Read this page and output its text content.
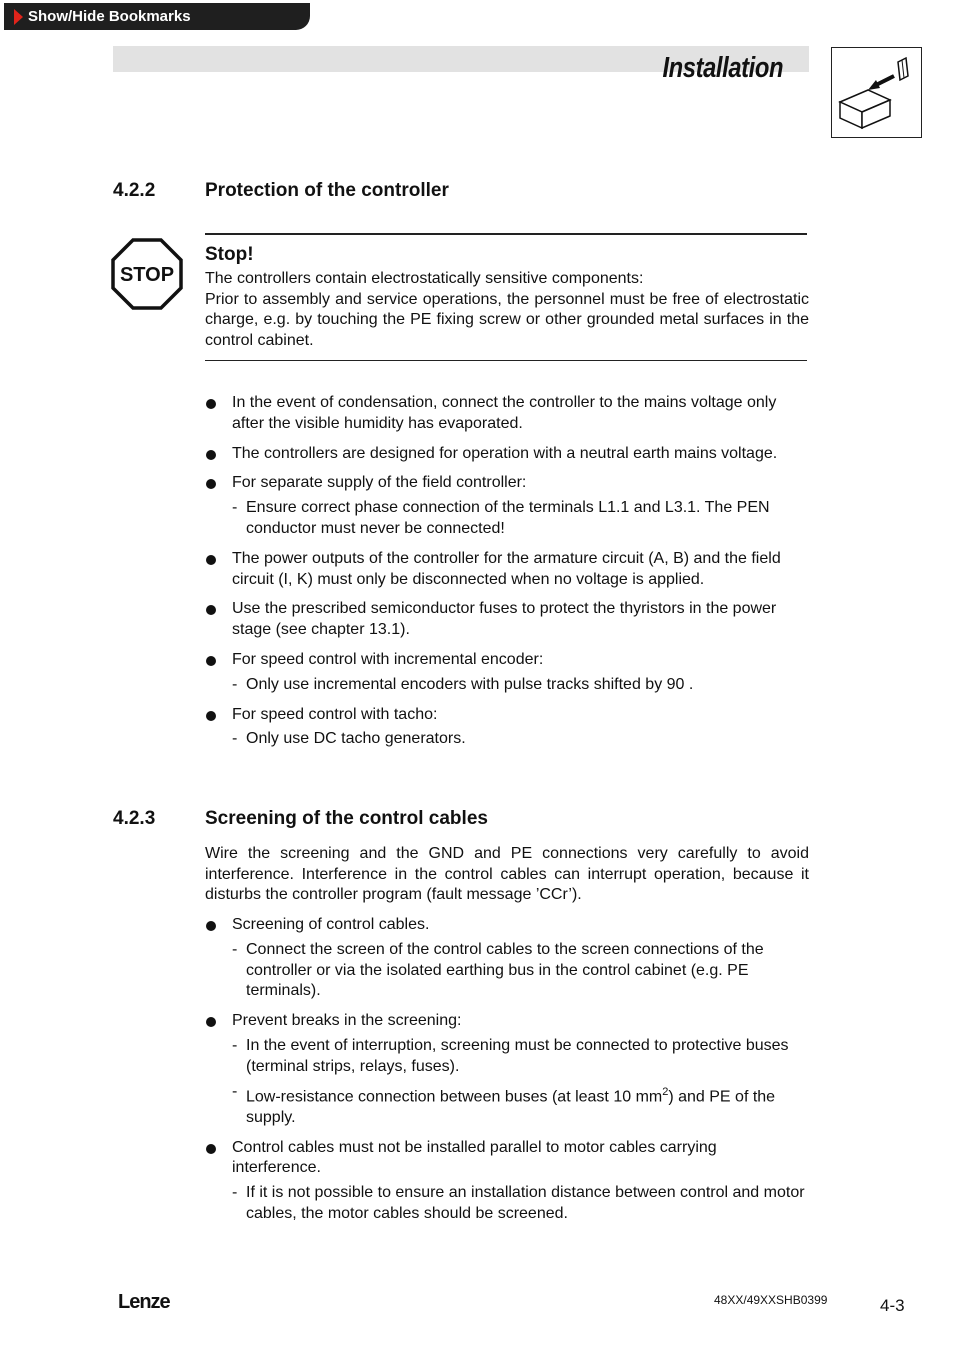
Show/Hide Bookmarks
Installation
4.2.2	Protection of the controller
STOP
Stop!
The controllers contain electrostatically sensitive components:
Prior to assembly and service operations, the personnel must be free of electrostatic charge, e.g. by touching the PE fixing screw or other grounded metal surfaces in the control cabinet.
In the event of condensation, connect the controller to the mains voltage only after the visible humidity has evaporated.
The controllers are designed for operation with a neutral earth mains voltage.
For separate supply of the field controller:
- Ensure correct phase connection of the terminals L1.1 and L3.1. The PEN conductor must never be connected!
The power outputs of the controller for the armature circuit (A, B) and the field circuit (I, K) must only be disconnected when no voltage is applied.
Use the prescribed semiconductor fuses to protect the thyristors in the power stage (see chapter 13.1).
For speed control with incremental encoder:
- Only use incremental encoders with pulse tracks shifted by 90 .
For speed control with tacho:
- Only use DC tacho generators.
4.2.3	Screening of the control cables
Wire the screening and the GND and PE connections very carefully to avoid interference. Interference in the control cables can interrupt operation, because it disturbs the controller program (fault message ’CCr’).
Screening of control cables.
- Connect the screen of the control cables to the screen connections of the controller or via the isolated earthing bus in the control cabinet (e.g. PE terminals).
Prevent breaks in the screening:
- In the event of interruption, screening must be connected to protective buses (terminal strips, relays, fuses).
- Low-resistance connection between buses (at least 10 $mm^2$) and PE of the supply.
Control cables must not be installed parallel to motor cables carrying interference.
- If it is not possible to ensure an installation distance between control and motor cables, the motor cables should be screened.
Lenze	48XX/49XXSHB0399	4-3
